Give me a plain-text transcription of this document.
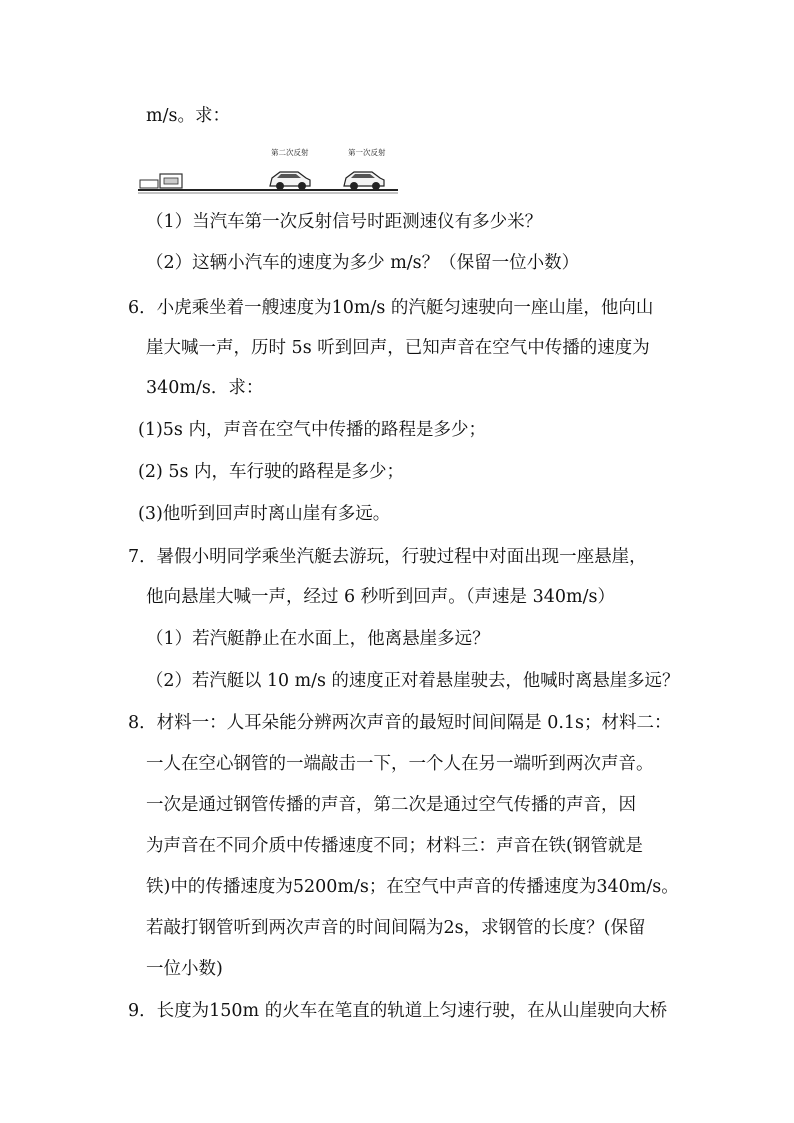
m/s。求：
第二次反射	第一次反射
（1）当汽车第一次反射信号时距测速仪有多少米？
（2）这辆小汽车的速度为多少 m/s？（保留一位小数）
6．小虎乘坐着一艘速度为10m/s 的汽艇匀速驶向一座山崖，他向山
崖大喊一声，历时 5s 听到回声，已知声音在空气中传播的速度为
340m/s．求：
(1)5s 内，声音在空气中传播的路程是多少；
(2) 5s 内，车行驶的路程是多少；
(3)他听到回声时离山崖有多远。
7．暑假小明同学乘坐汽艇去游玩，行驶过程中对面出现一座悬崖，
他向悬崖大喊一声，经过 6 秒听到回声。（声速是 340m/s）
（1）若汽艇静止在水面上，他离悬崖多远？
（2）若汽艇以 10 m/s 的速度正对着悬崖驶去，他喊时离悬崖多远？
8．材料一：人耳朵能分辨两次声音的最短时间间隔是 0.1s；材料二：
一人在空心钢管的一端敲击一下，一个人在另一端听到两次声音。
一次是通过钢管传播的声音，第二次是通过空气传播的声音，因
为声音在不同介质中传播速度不同；材料三：声音在铁(钢管就是
铁)中的传播速度为5200m/s；在空气中声音的传播速度为340m/s。
若敲打钢管听到两次声音的时间间隔为2s，求钢管的长度？(保留
一位小数)
9．长度为150m 的火车在笔直的轨道上匀速行驶，在从山崖驶向大桥
